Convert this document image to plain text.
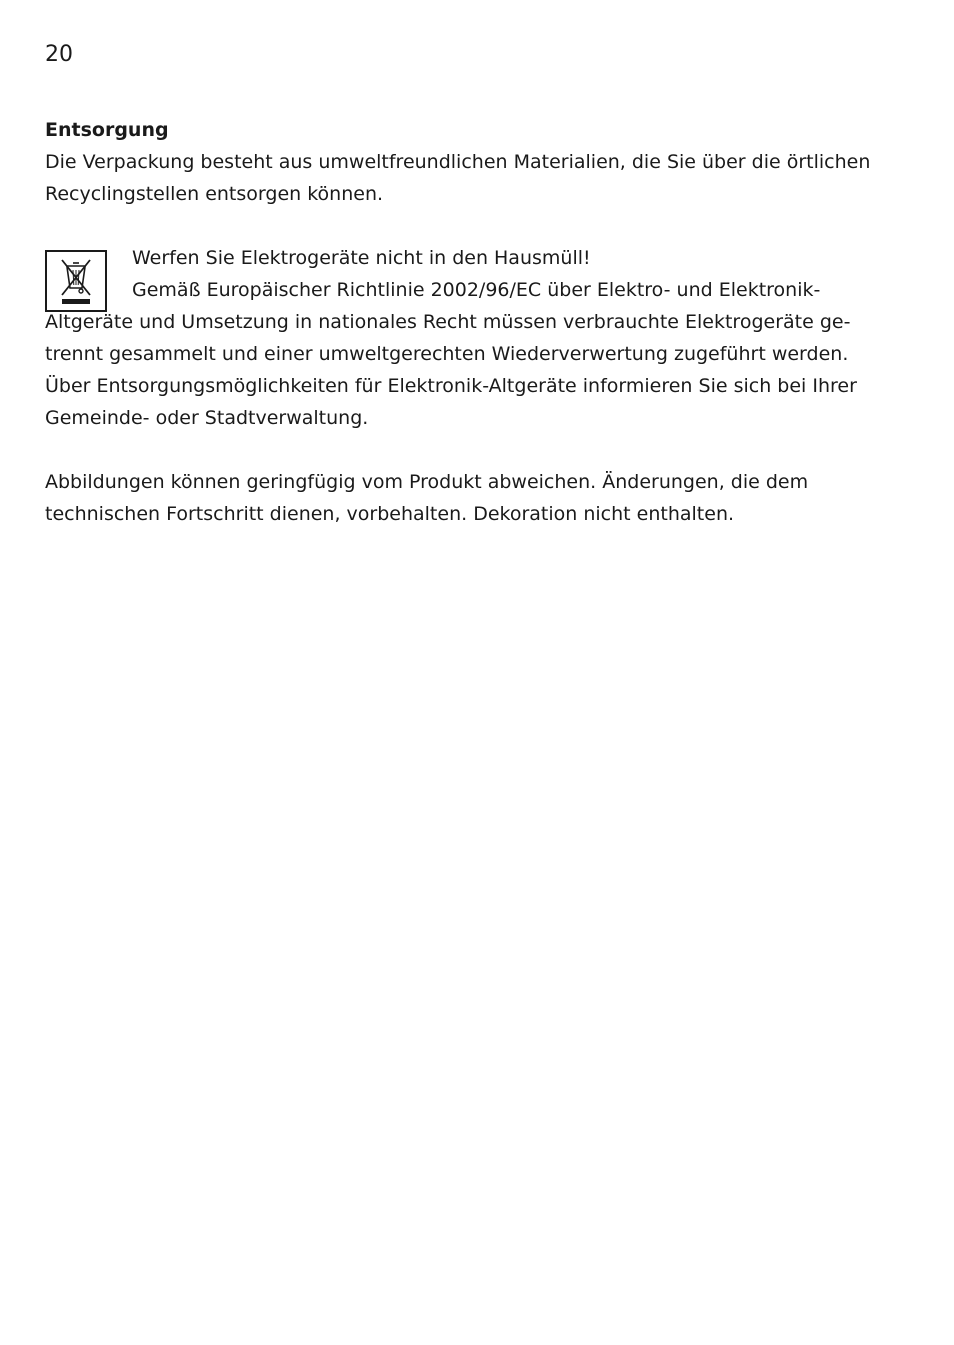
20
Entsorgung

Die Verpackung besteht aus umweltfreundlichen Materialien, die Sie über die örtlichen Recyclingstellen entsorgen können.

Werfen Sie Elektrogeräte nicht in den Hausmüll!
Gemäß Europäischer Richtlinie 2002/96/EC über Elektro- und Elektronik-
Altgeräte und Umsetzung in nationales Recht müssen verbrauchte Elektrogeräte ge-trennt gesammelt und einer umweltgerechten Wiederverwertung zugeführt werden. Über Entsorgungsmöglichkeiten für Elektronik-Altgeräte informieren Sie sich bei Ihrer Gemeinde- oder Stadtverwaltung.

Abbildungen können geringfügig vom Produkt abweichen. Änderungen, die dem technischen Fortschritt dienen, vorbehalten. Dekoration nicht enthalten.
